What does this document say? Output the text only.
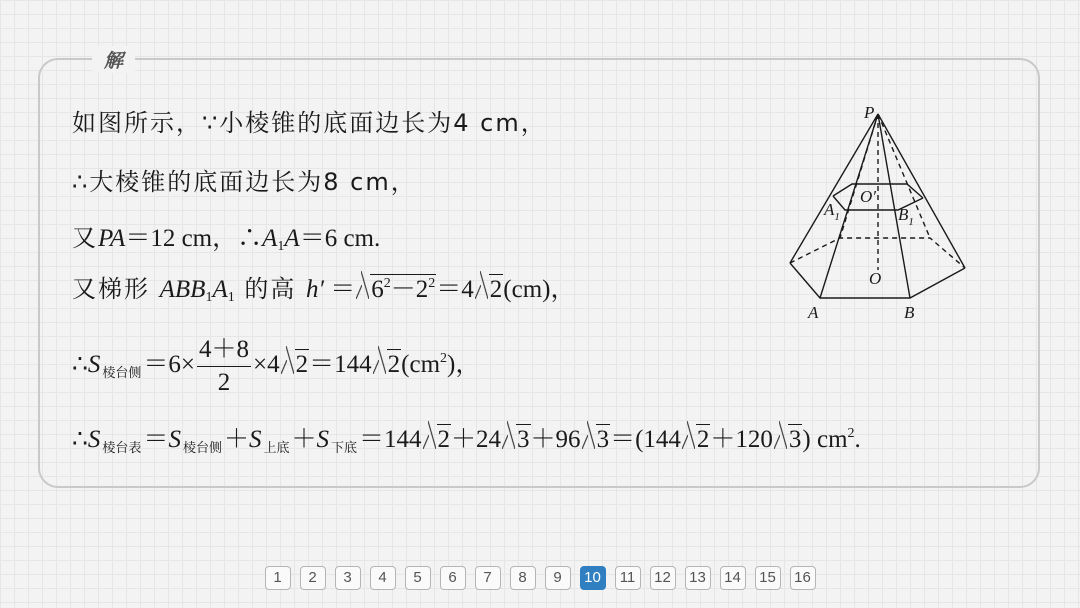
解
如图所示，∵小棱锥的底面边长为4 cm，
∴大棱锥的底面边长为8 cm，
又PA＝12 cm，$\therefore A_1A=6$ cm.
又梯形 $ABB_1A_1$ 的高 $h' = 6^2-2^2=4$ 2(cm)，
∴S $_{棱台侧}=6\times \frac{4+8}{2} \times 4$ 2＝144 $2(cm^2)$，
∴S $_{棱台表}$＝S $_{棱台侧}$＋S $_{上底}$＋S $_{下底}$＝144 2＋24 3＋96 3＝(144 2＋120 3) $cm^2$.
P
O′
$A_1$	$B_1$
O
A	B
1 2 3 4 5 6 7 8 9 10 11 12 13 14 15 16
